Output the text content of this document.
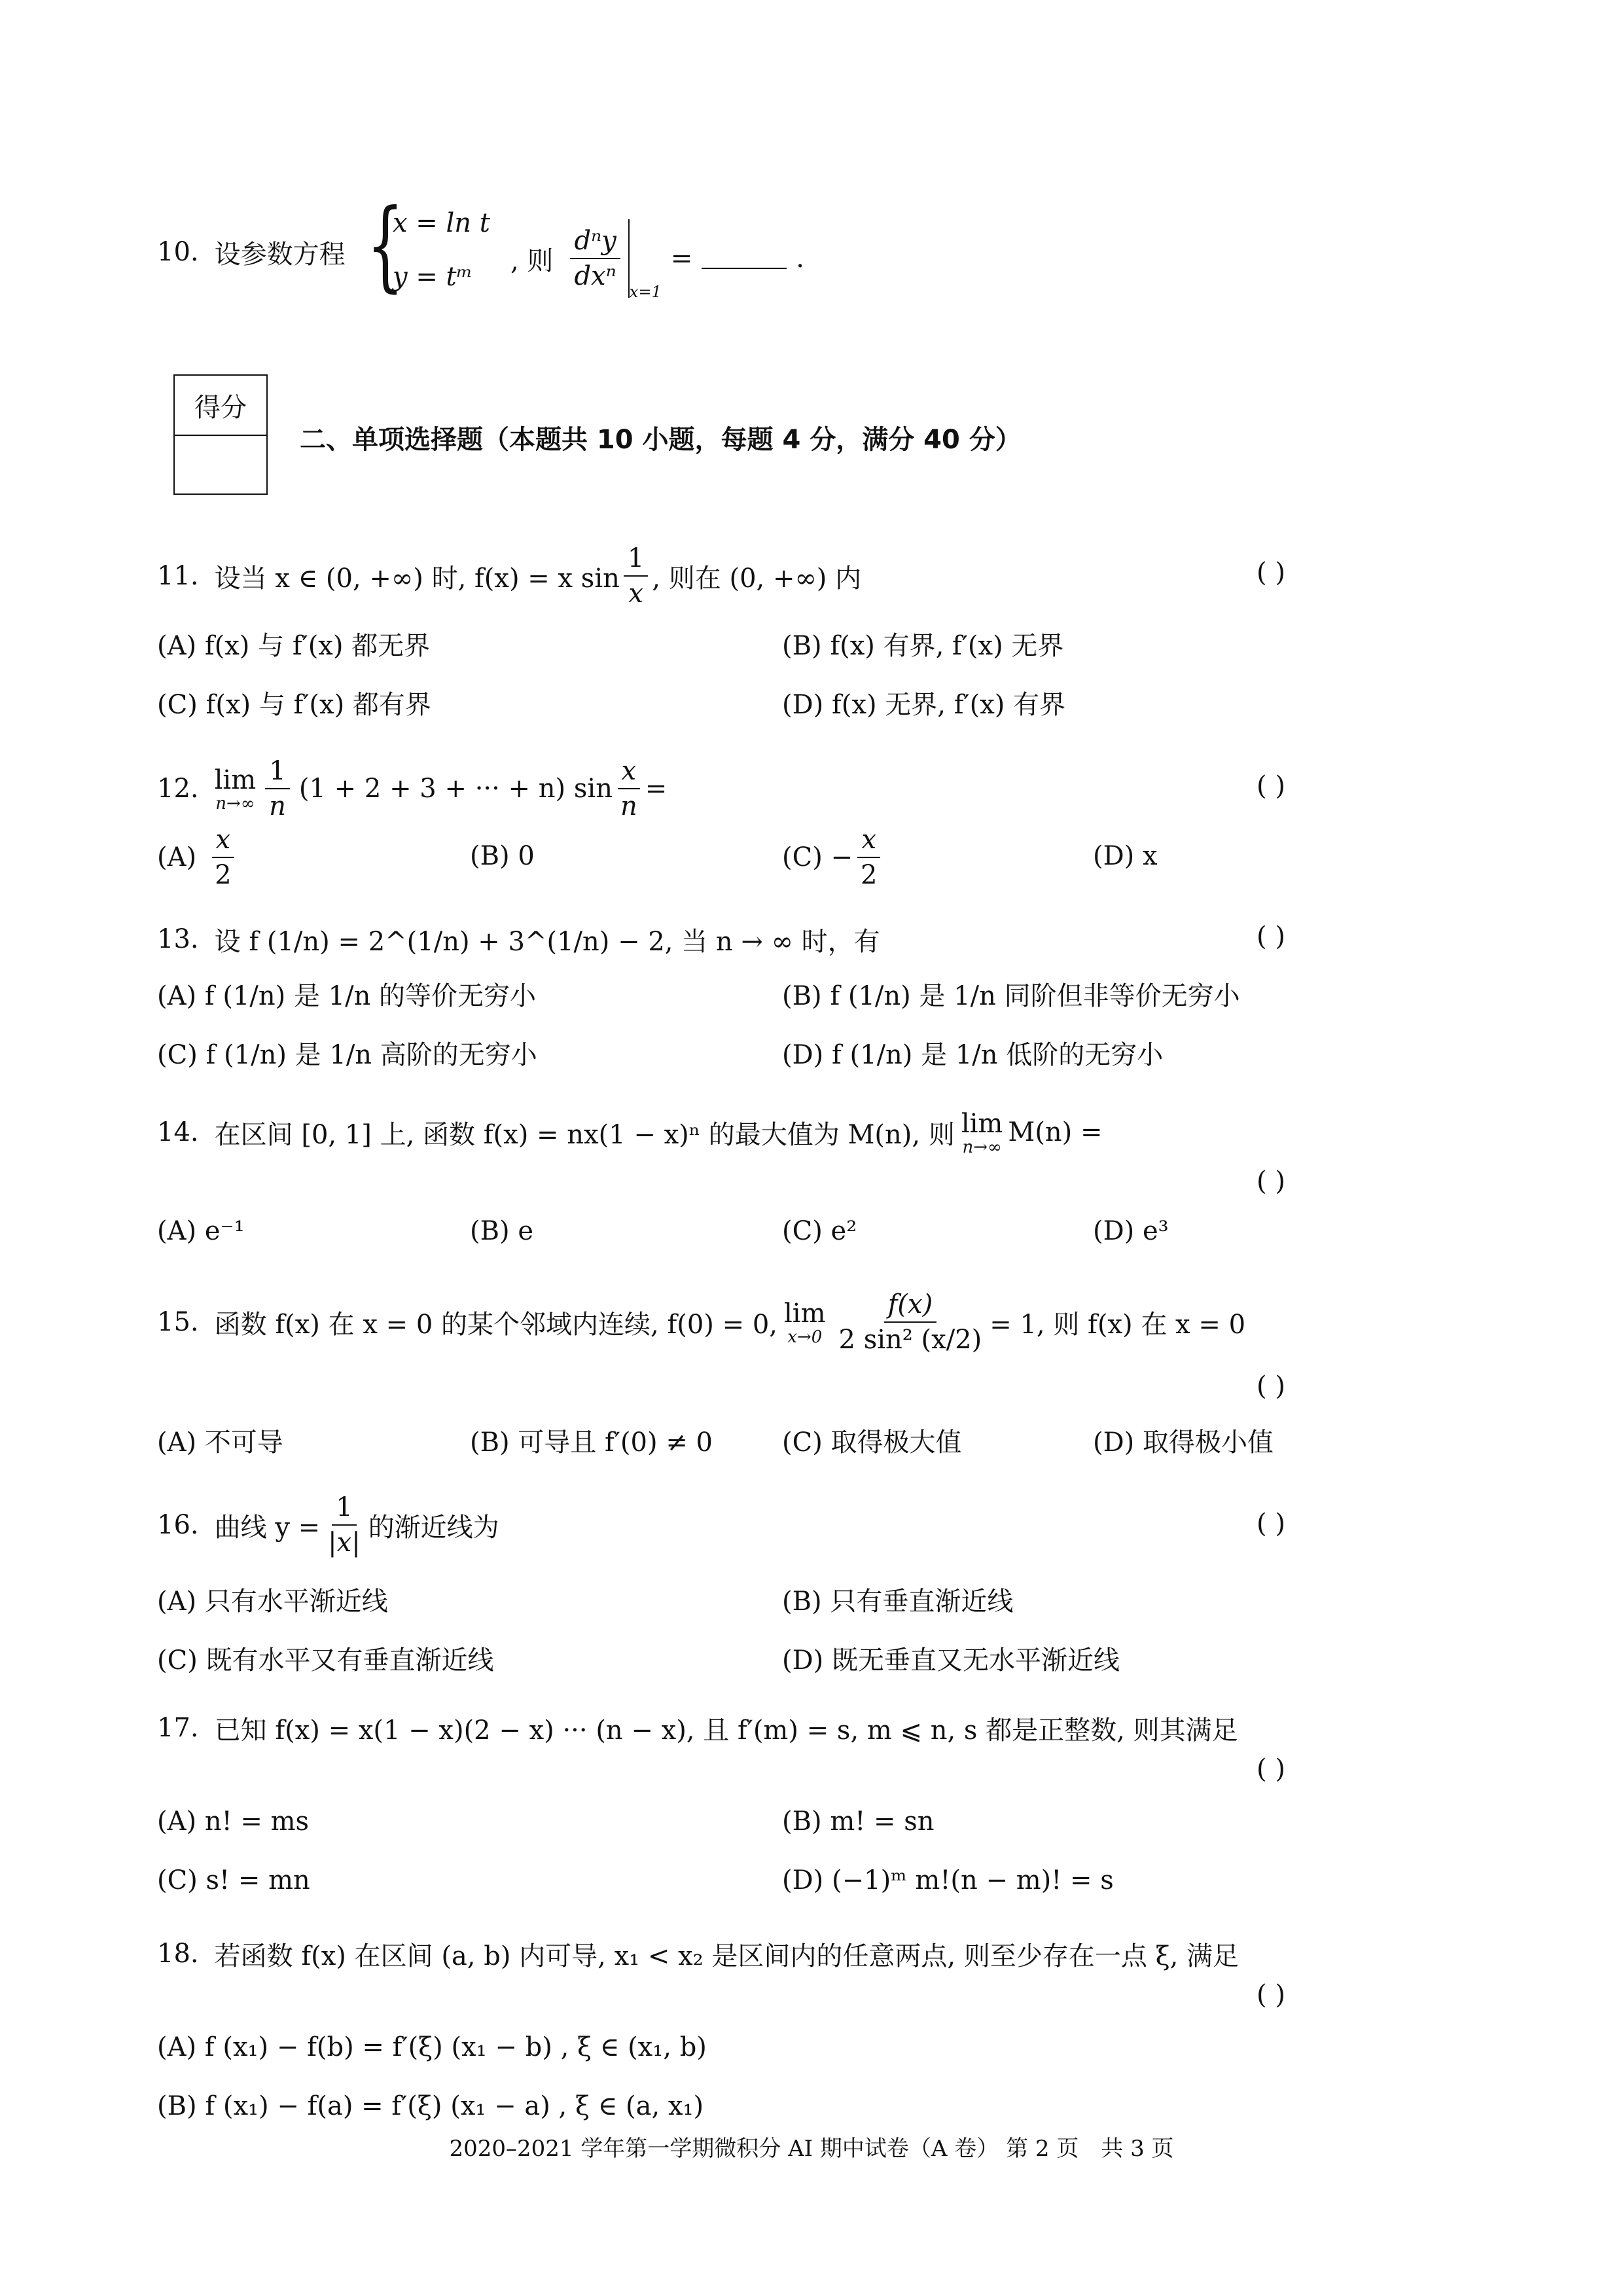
10. 设参数方程 {
x = ln t
y = tᵐ
, 则 $\frac{\text{dⁿy}}{\text{dxⁿ}}$
x=1
=	.
得分
二、单项选择题（本题共 10 小题，每题 4 分，满分 40 分）
11. 设当 x ∈ (0, +∞) 时, f(x) = x $\sin \frac{1}{x}$ , 则在 (0, +∞) 内	( )
(A) f(x) 与 f′(x) 都无界	(B) f(x) 有界, f′(x) 无界
(C) f(x) 与 f′(x) 都有界	(D) f(x) 无界, f′(x) 有界
12. lim
$n\to\infty \frac{1}{n} (1 + 2 + 3$ + ··· + n) $\sin \frac{x}{n}$ =	( )
$(A) \frac{x}{2}$	(B) 0	$(C) - \frac{x}{2}$	(D) x
13. 设 f (1/n) = 2^(1/n) + 3^(1/n) − 2, 当 n → ∞ 时，有	( )
(A) f (1/n) 是 1/n 的等价无穷小	(B) f (1/n) 是 1/n 同阶但非等价无穷小
(C) f (1/n) 是 1/n 高阶的无穷小	(D) f (1/n) 是 1/n 低阶的无穷小
14. 在区间 [0, 1] 上, 函数 f(x) = nx(1 − x)ⁿ 的最大值为 M(n), 则 lim
n→∞ M(n) =
( )
(A) e⁻¹	(B) e	(C) e²	(D) e³
15. 函数 f(x) 在 x = 0 的某个邻域内连续, f(0) = 0, lim
$x\to 0 \frac{f(x)}{\text{2 sin² (x/2)}} = 1$, 则 f(x) 在 x = 0
( )
(A) 不可导	(B) 可导且 f′(0) ≠ 0	(C) 取得极大值	(D) 取得极小值
16. 曲线 $y = \frac{1}{|x|}$ 的渐近线为	( )
(A) 只有水平渐近线	(B) 只有垂直渐近线
(C) 既有水平又有垂直渐近线	(D) 既无垂直又无水平渐近线
17. 已知 f(x) = x(1 − x)(2 − x) ··· (n − x), 且 f′(m) = s, m ⩽ n, s 都是正整数, 则其满足
( )
(A) n! = ms	(B) m! = sn
(C) s! = mn	(D) (−1)ᵐ m!(n − m)! = s
18. 若函数 f(x) 在区间 (a, b) 内可导, x₁ < x₂ 是区间内的任意两点, 则至少存在一点 ξ, 满足
( )
(A) f (x₁) − f(b) = f′(ξ) (x₁ − b) , ξ ∈ (x₁, b)
(B) f (x₁) − f(a) = f′(ξ) (x₁ − a) , ξ ∈ (a, x₁)
2020–2021 学年第一学期微积分 AI 期中试卷（A 卷） 第 2 页　共 3 页
